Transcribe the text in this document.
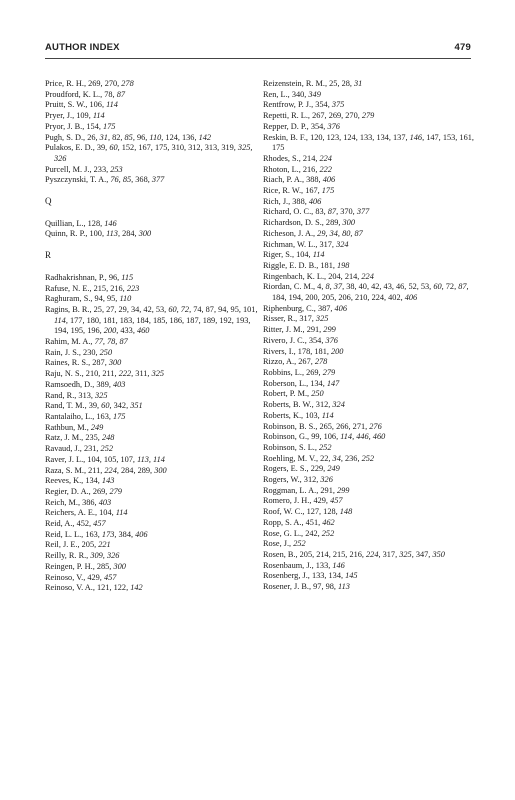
AUTHOR INDEX	479
Price, R. H., 269, 270, 278
Proudford, K. L., 78, 87
Pruitt, S. W., 106, 114
Pryer, J., 109, 114
Pryor, J. B., 154, 175
Pugh, S. D., 26, 31, 82, 85, 96, 110, 124, 136, 142
Pulakos, E. D., 39, 60, 152, 167, 175, 310, 312, 313, 319, 325, 326
Purcell, M. J., 233, 253
Pyszczynski, T. A., 76, 85, 368, 377
Q
Quillian, L., 128, 146
Quinn, R. P., 100, 113, 284, 300
R
Radhakrishnan, P., 96, 115
Rafuse, N. E., 215, 216, 223
Raghuram, S., 94, 95, 110
Ragins, B. R., 25, 27, 29, 34, 42, 53, 60, 72, 74, 87, 94, 95, 101, 114, 177, 180, 181, 183, 184, 185, 186, 187, 189, 192, 193, 194, 195, 196, 200, 433, 460
Rahim, M. A., 77, 78, 87
Rain, J. S., 230, 250
Raines, R. S., 287, 300
Raju, N. S., 210, 211, 222, 311, 325
Ramsoedh, D., 389, 403
Rand, R., 313, 325
Rand, T. M., 39, 60, 342, 351
Rantalaiho, L., 163, 175
Rathbun, M., 249
Ratz, J. M., 235, 248
Ravaud, J., 231, 252
Raver, J. L., 104, 105, 107, 113, 114
Raza, S. M., 211, 224, 284, 289, 300
Reeves, K., 134, 143
Regier, D. A., 269, 279
Reich, M., 386, 403
Reichers, A. E., 104, 114
Reid, A., 452, 457
Reid, L. L., 163, 173, 384, 406
Reil, J. E., 205, 221
Reilly, R. R., 309, 326
Reingen, P. H., 285, 300
Reinoso, V., 429, 457
Reinoso, V. A., 121, 122, 142
Reizenstein, R. M., 25, 28, 31
Ren, L., 340, 349
Rentfrow, P. J., 354, 375
Repetti, R. L., 267, 269, 270, 279
Repper, D. P., 354, 376
Reskin, B. F., 120, 123, 124, 133, 134, 137, 146, 147, 153, 161, 175
Rhodes, S., 214, 224
Rhoton, L., 216, 222
Riach, P. A., 388, 406
Rice, R. W., 167, 175
Rich, J., 388, 406
Richard, O. C., 83, 87, 370, 377
Richardson, D. S., 289, 300
Richeson, J. A., 29, 34, 80, 87
Richman, W. L., 317, 324
Riger, S., 104, 114
Riggle, E. D. B., 181, 198
Ringenbach, K. L., 204, 214, 224
Riordan, C. M., 4, 8, 37, 38, 40, 42, 43, 46, 52, 53, 60, 72, 87, 184, 194, 200, 205, 206, 210, 224, 402, 406
Riphenburg, C., 387, 406
Risser, R., 317, 325
Ritter, J. M., 291, 299
Rivero, J. C., 354, 376
Rivers, I., 178, 181, 200
Rizzo, A., 267, 278
Robbins, L., 269, 279
Roberson, L., 134, 147
Robert, P. M., 250
Roberts, B. W., 312, 324
Roberts, K., 103, 114
Robinson, B. S., 265, 266, 271, 276
Robinson, G., 99, 106, 114, 446, 460
Robinson, S. L., 252
Roehling, M. V., 22, 34, 236, 252
Rogers, E. S., 229, 249
Rogers, W., 312, 326
Roggman, L. A., 291, 299
Romero, J. H., 429, 457
Roof, W. C., 127, 128, 148
Ropp, S. A., 451, 462
Rose, G. L., 242, 252
Rose, J., 252
Rosen, B., 205, 214, 215, 216, 224, 317, 325, 347, 350
Rosenbaum, J., 133, 146
Rosenberg, J., 133, 134, 145
Rosener, J. B., 97, 98, 113
